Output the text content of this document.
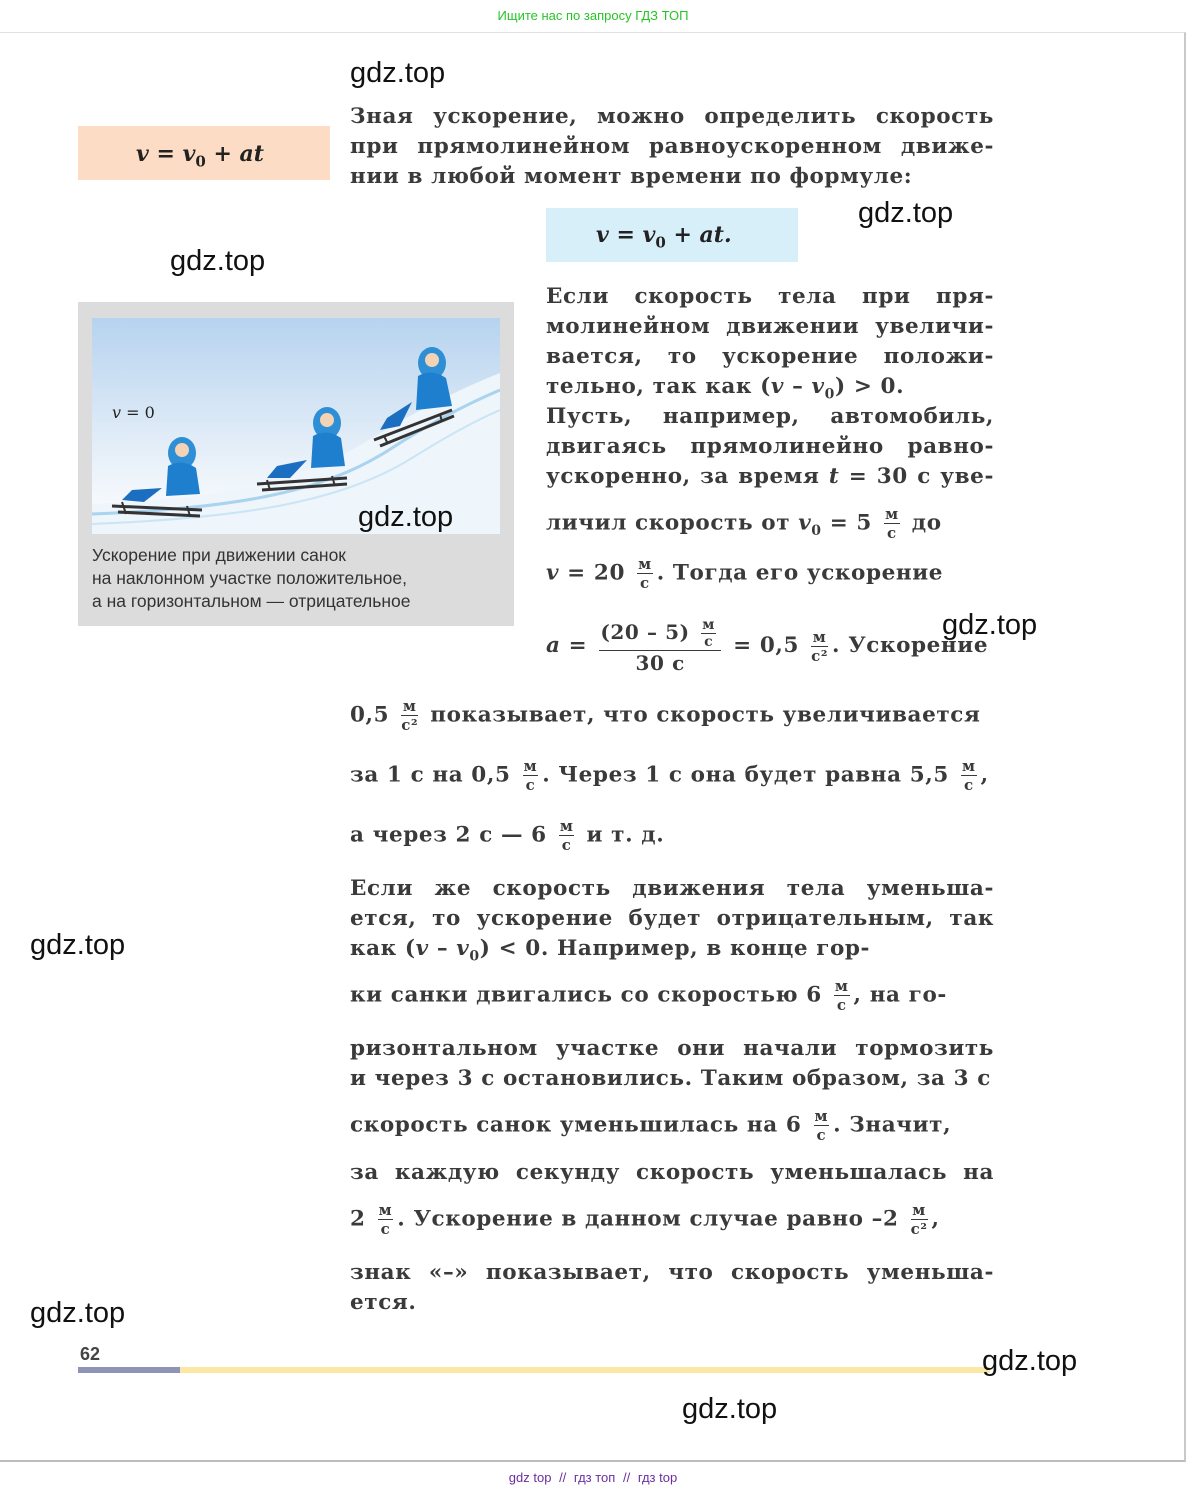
Ищите нас по запросу ГДЗ ТОП
$v = v_0$ + at
Зная ускорение, можно определить скорость
при прямолинейном равноускоренном движе-
нии в любой момент времени по формуле:
$v = v_0$ + at.
v = 0
Ускорение при движении санок
на наклонном участке положительное,
а на горизонтальном — отрицательное
Если скорость тела при пря-
молинейном движении увеличи-
вается, то ускорение положи-
тельно, так как $(v - v_0) > 0$.
Пусть, например, автомобиль,
двигаясь прямолинейно равно-
ускоренно, за время t = 30 с уве-
личил скорость от $v_0 = 5 \frac{м}{с}$ до
$v = 20 \frac{м}{с}$ . Тогда его ускорение
$a = \frac{(20 - 5) \frac{м}{с}}{30 с} = 0,5 \frac{м}{\text{с²}}$ . Ускорение
$0,5 \frac{м}{\text{с²}}$ показывает, что скорость увеличивается
за 1 с на $0,5 \frac{м}{с}$ . Через 1 с она будет равна $5,5 \frac{м}{с}$ ,
а через 2 с — $6 \frac{м}{с}$ и т. д.
Если же скорость движения тела уменьша-
ется, то ускорение будет отрицательным, так
как $(v - v_0) < 0$. Например, в конце гор-
ки санки двигались со скоростью $6 \frac{м}{с}$ , на го-
ризонтальном участке они начали тормозить
и через 3 с остановились. Таким образом, за 3 с
скорость санок уменьшилась на $6 \frac{м}{с}$ . Значит,
за каждую секунду скорость уменьшалась на
$2 \frac{м}{с}$ . Ускорение в данном случае равно $-2 \frac{м}{\text{с²}}$ ,
знак «–» показывает, что скорость уменьша-
ется.
62
gdz.top
gdz.top
gdz.top
gdz.top
gdz.top
gdz.top
gdz.top
gdz.top
gdz.top
gdz top // гдз топ // гдз top
